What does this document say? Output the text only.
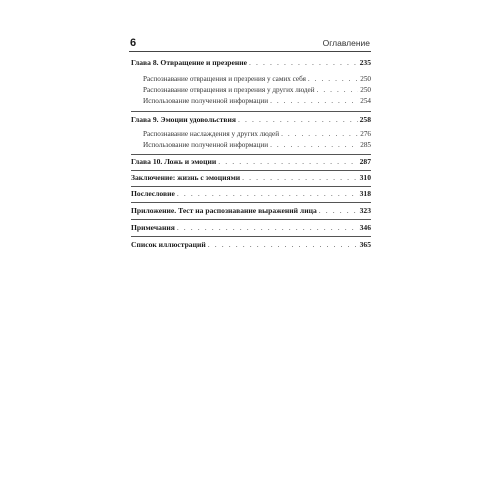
6	Оглавление
Глава 8. Отвращение и презрение . . .	235
Распознавание отвращения и презрения у самих себя . . .	250
Распознавание отвращения и презрения у других людей . . .	250
Использование полученной информации . . .	254
Глава 9. Эмоции удовольствия . . .	258
Распознавание наслаждения у других людей . . .	276
Использование полученной информации . . .	285
Глава 10. Ложь и эмоции . . .	287
Заключение: жизнь с эмоциями . . .	310
Послесловие . . .	318
Приложение. Тест на распознавание выражений лица . . .	323
Примечания . . .	346
Список иллюстраций . . .	365
